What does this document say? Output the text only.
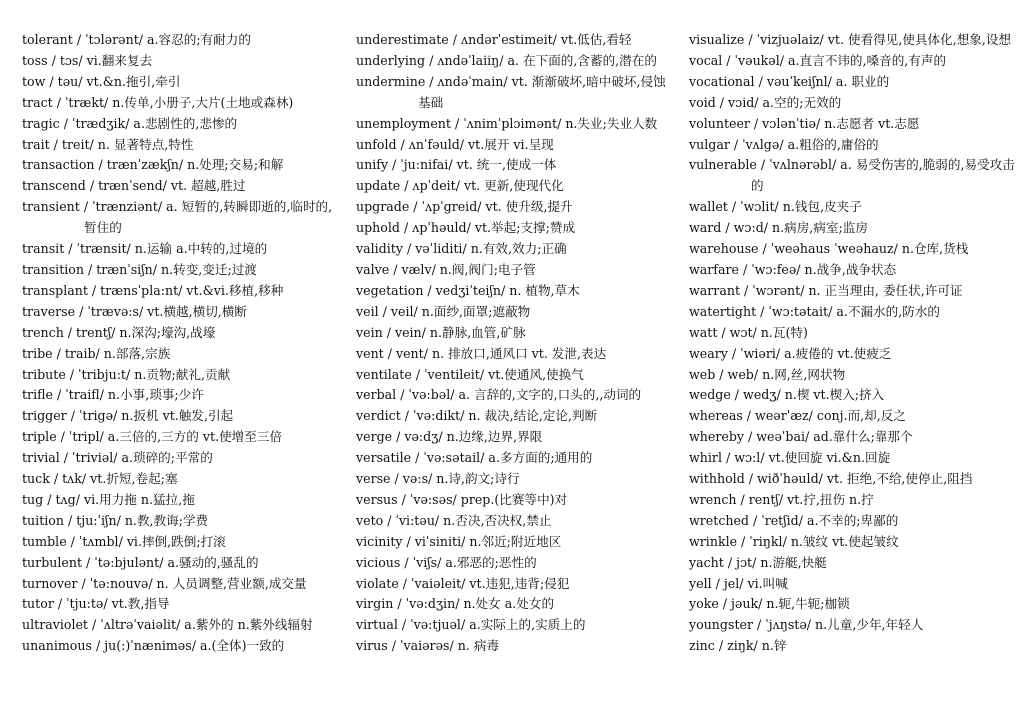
tolerant / ˈtɔlərənt/ a.容忍的;有耐力的

toss / tɔs/ vi.翻来复去

tow / təu/ vt.&n.拖引,牵引

tract / ˈtrækt/ n.传单,小册子,大片(土地或森林)

tragic / ˈtrædʒik/ a.悲剧性的,悲惨的

trait / treit/ n. 显著特点,特性

transaction / trænˈzækʃn/ n.处理;交易;和解

transcend / trænˈsend/ vt. 超越,胜过

transient / ˈtrænziənt/ a. 短暂的,转瞬即逝的,临时的,暂住的

transit / ˈtrænsit/ n.运输 a.中转的,过境的

transition / trænˈsiʃn/ n.转变,变迁;过渡

transplant / trænsˈpla:nt/ vt.&vi.移植,移种

traverse / ˈtrævə:s/ vt.横越,横切,横断

trench / trentʃ/ n.深沟;壕沟,战壕

tribe / traib/ n.部落,宗族

tribute / ˈtribju:t/ n.贡物;献礼,贡献

trifle / ˈtraifl/ n.小事,琐事;少许

trigger / ˈtrigə/ n.扳机 vt.触发,引起

triple / ˈtripl/ a.三倍的,三方的 vt.使增至三倍

trivial / ˈtriviəl/ a.琐碎的;平常的

tuck / tʌk/ vt.折短,卷起;塞

tug / tʌg/ vi.用力拖 n.猛拉,拖

tuition / tju:ˈiʃn/ n.教,教诲;学费

tumble / ˈtʌmbl/ vi.摔倒,跌倒;打滚

turbulent / ˈtə:bjulənt/ a.骚动的,骚乱的

turnover / ˈtə:nouvə/ n. 人员调整,营业额,成交量

tutor / ˈtju:tə/ vt.教,指导

ultraviolet / ˈʌltrəˈvaiəlit/ a.紫外的 n.紫外线辐射

unanimous / ju(:)ˈnæniməs/ a.(全体)一致的

underestimate / ʌndərˈestimeit/ vt.低估,看轻

underlying / ʌndəˈlaiiŋ/ a. 在下面的,含蓄的,潜在的

undermine / ʌndəˈmain/ vt. 渐渐破坏,暗中破坏,侵蚀基础

unemployment / ˈʌnimˈplɔimənt/ n.失业;失业人数

unfold / ʌnˈfəuld/ vt.展开 vi.呈现

unify / ˈju:nifai/ vt. 统一,使成一体

update / ʌpˈdeit/ vt. 更新,使现代化

upgrade / ˈʌpˈgreid/ vt. 使升级,提升

uphold / ʌpˈhəuld/ vt.举起;支撑;赞成

validity / vəˈliditi/ n.有效,效力;正确

valve / vælv/ n.阀,阀门;电子管

vegetation / vedʒiˈteiʃn/ n. 植物,草木

veil / veil/ n.面纱,面罩;遮蔽物

vein / vein/ n.静脉,血管,矿脉

vent / vent/ n. 排放口,通风口 vt. 发泄,表达

ventilate / ˈventileit/ vt.使通风,使换气

verbal / ˈvə:bəl/ a. 言辞的,文字的,口头的,,动词的

verdict / ˈvə:dikt/ n. 裁决,结论,定论,判断

verge / və:dʒ/ n.边缘,边界,界限

versatile / ˈvə:sətail/ a.多方面的;通用的

verse / və:s/ n.诗,韵文;诗行

versus / ˈvə:səs/ prep.(比赛等中)对

veto / ˈvi:təu/ n.否决,否决权,禁止

vicinity / viˈsiniti/ n.邻近;附近地区

vicious / ˈviʃs/ a.邪恶的;恶性的

violate / ˈvaiəleit/ vt.违犯,违背;侵犯

virgin / ˈvə:dʒin/ n.处女 a.处女的

virtual / ˈvə:tjuəl/ a.实际上的,实质上的

virus / ˈvaiərəs/ n. 病毒

visualize / ˈvizjuəlaiz/ vt. 使看得见,使具体化,想象,设想

vocal / ˈvəukəl/ a.直言不讳的,嗓音的,有声的

vocational / vəuˈkeiʃnl/ a. 职业的

void / vɔid/ a.空的;无效的

volunteer / vɔlənˈtiə/ n.志愿者 vt.志愿

vulgar / ˈvʌlgə/ a.粗俗的,庸俗的

vulnerable / ˈvʌlnərəbl/ a. 易受伤害的,脆弱的,易受攻击的

wallet / ˈwɔlit/ n.钱包,皮夹子

ward / wɔ:d/ n.病房,病室;监房

warehouse / ˈweəhaus ˈweəhauz/ n.仓库,货栈

warfare / ˈwɔ:feə/ n.战争,战争状态

warrant / ˈwɔrənt/ n. 正当理由, 委任状,许可证

watertight / ˈwɔ:tətait/ a.不漏水的,防水的

watt / wɔt/ n.瓦(特)

weary / ˈwiəri/ a.疲倦的 vt.使疲乏

web / web/ n.网,丝,网状物

wedge / wedʒ/ n.楔 vt.楔入;挤入

whereas / weərˈæz/ conj.而,却,反之

whereby / weəˈbai/ ad.靠什么;靠那个

whirl / wɔ:l/ vt.使回旋 vi.&n.回旋

withhold / wiðˈhəuld/ vt. 拒绝,不给,使停止,阻挡

wrench / rentʃ/ vt.拧,扭伤 n.拧

wretched / ˈretʃid/ a.不幸的;卑鄙的

wrinkle / ˈriŋkl/ n.皱纹 vt.使起皱纹

yacht / jɔt/ n.游艇,快艇

yell / jel/ vi.叫喊

yoke / jəuk/ n.轭,牛轭;枷锁

youngster / ˈjʌŋstə/ n.儿童,少年,年轻人

zinc / ziŋk/ n.锌
